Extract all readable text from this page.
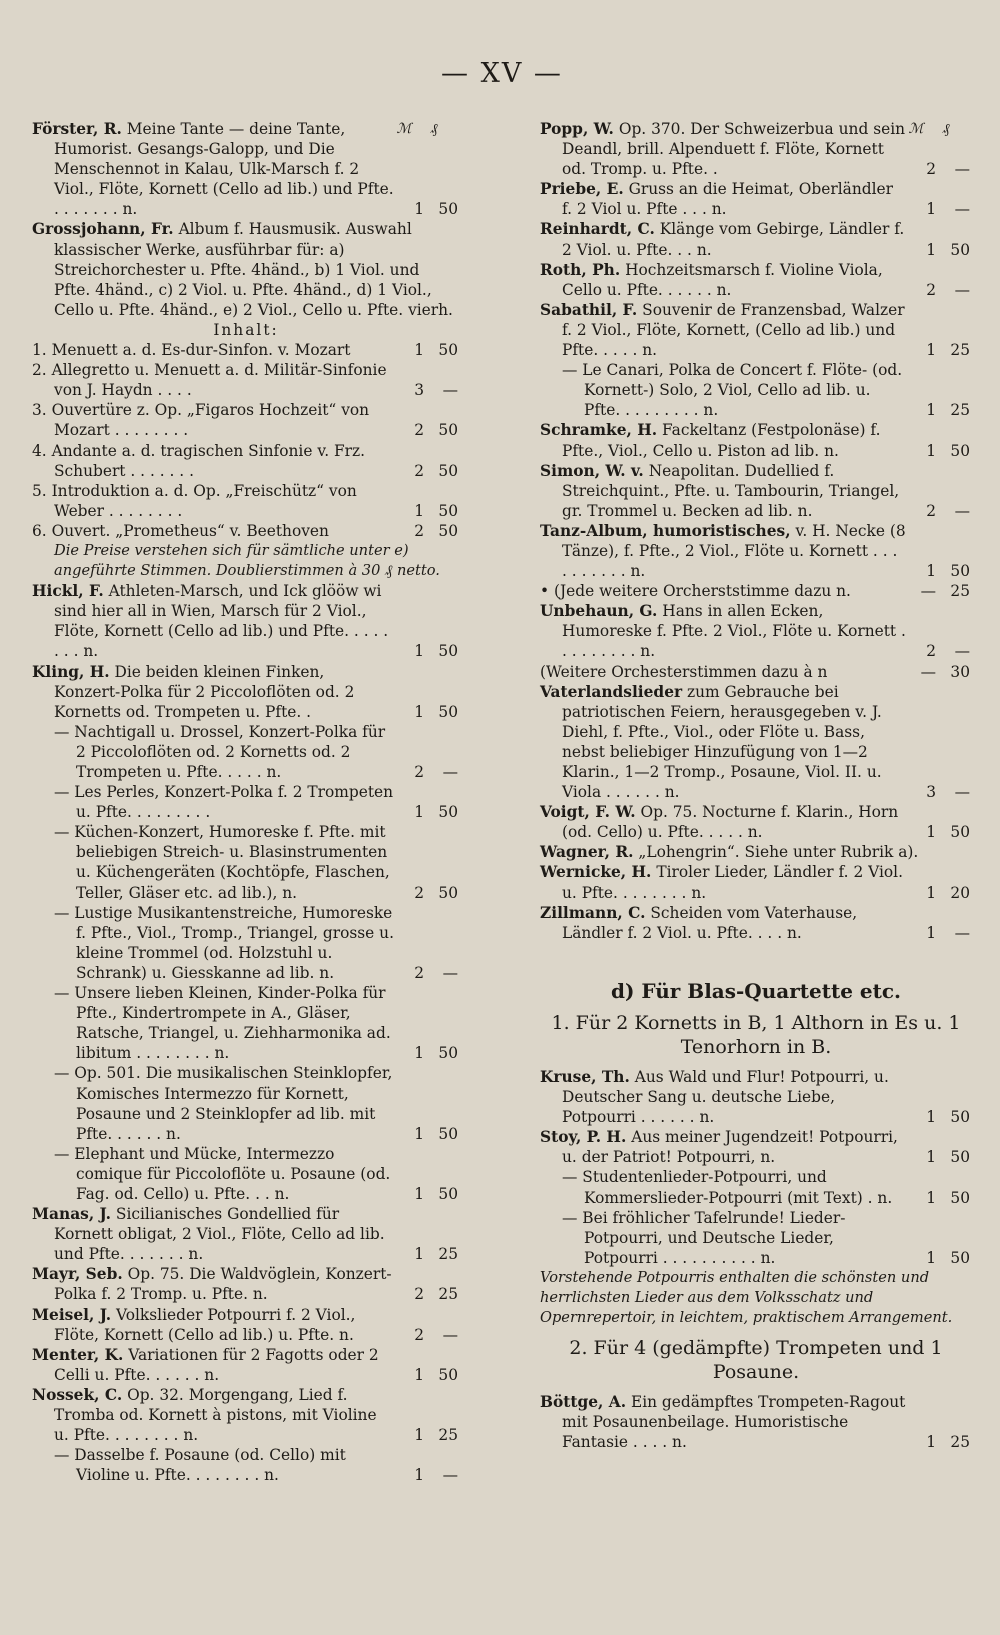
— XV —
Förster, R. Meine Tante — deine Tante, Humorist. Gesangs-Galopp, und Die Menschennot in Kalau, Ulk-Marsch f. 2 Viol., Flöte, Kornett (Cello ad lib.) und Pfte. . . . . . . . n.	1 50
ℳ	₰
Grossjohann, Fr. Album f. Hausmusik. Auswahl klassischer Werke, ausführbar für: a) Streichorchester u. Pfte. 4händ., b) 1 Viol. und Pfte. 4händ., c) 2 Viol. u. Pfte. 4händ., d) 1 Viol., Cello u. Pfte. 4händ., e) 2 Viol., Cello u. Pfte. vierh.
Inhalt:
1. Menuett a. d. Es-dur-Sinfon. v. Mozart	1 50
2. Allegretto u. Menuett a. d. Militär-Sinfonie von J. Haydn . . . .	3	—
3. Ouvertüre z. Op. „Figaros Hochzeit“ von Mozart . . . . . . . .	2 50
4. Andante a. d. tragischen Sinfonie v. Frz. Schubert . . . . . . .	2 50
5. Introduktion a. d. Op. „Freischütz“ von Weber . . . . . . . .	1 50
6. Ouvert. „Prometheus“ v. Beethoven	2 50
Die Preise verstehen sich für sämtliche unter e) angeführte Stimmen. Doublierstimmen à 30 ₰ netto.
Hickl, F. Athleten-Marsch, und Ick glööw wi sind hier all in Wien, Marsch für 2 Viol., Flöte, Kornett (Cello ad lib.) und Pfte. . . . . . . . n.	1 50
Kling, H. Die beiden kleinen Finken, Konzert-Polka für 2 Piccoloflöten od. 2 Kornetts od. Trompeten u. Pfte. .	1 50
— Nachtigall u. Drossel, Konzert-Polka für 2 Piccoloflöten od. 2 Kornetts od. 2 Trompeten u. Pfte. . . . . n.	2	—
— Les Perles, Konzert-Polka f. 2 Trompeten u. Pfte. . . . . . . . .	1 50
— Küchen-Konzert, Humoreske f. Pfte. mit beliebigen Streich- u. Blasinstrumenten u. Küchengeräten (Kochtöpfe, Flaschen, Teller, Gläser etc. ad lib.), n.	2 50
— Lustige Musikantenstreiche, Humoreske f. Pfte., Viol., Tromp., Triangel, grosse u. kleine Trommel (od. Holzstuhl u. Schrank) u. Giesskanne ad lib. n.	2	—
— Unsere lieben Kleinen, Kinder-Polka für Pfte., Kindertrompete in A., Gläser, Ratsche, Triangel, u. Ziehharmonika ad. libitum . . . . . . . . n.	1 50
— Op. 501. Die musikalischen Steinklopfer, Komisches Intermezzo für Kornett, Posaune und 2 Steinklopfer ad lib. mit Pfte. . . . . . n.	1 50
— Elephant und Mücke, Intermezzo comique für Piccoloflöte u. Posaune (od. Fag. od. Cello) u. Pfte. . . n.	1 50
Manas, J. Sicilianisches Gondellied für Kornett obligat, 2 Viol., Flöte, Cello ad lib. und Pfte. . . . . . . n.	1 25
Mayr, Seb. Op. 75. Die Waldvöglein, Konzert-Polka f. 2 Tromp. u. Pfte. n.	2 25
Meisel, J. Volkslieder Potpourri f. 2 Viol., Flöte, Kornett (Cello ad lib.) u. Pfte. n.	2	—
Menter, K. Variationen für 2 Fagotts oder 2 Celli u. Pfte. . . . . . n.	1 50
Nossek, C. Op. 32. Morgengang, Lied f. Tromba od. Kornett à pistons, mit Violine u. Pfte. . . . . . . . n.	1 25
— Dasselbe f. Posaune (od. Cello) mit Violine u. Pfte. . . . . . . . n.	1	—
Popp, W. Op. 370. Der Schweizerbua und sein Deandl, brill. Alpenduett f. Flöte, Kornett od. Tromp. u. Pfte. .	2	—
ℳ	₰
Priebe, E. Gruss an die Heimat, Oberländler f. 2 Viol u. Pfte . . . n.	1	—
Reinhardt, C. Klänge vom Gebirge, Ländler f. 2 Viol. u. Pfte. . . n.	1 50
Roth, Ph. Hochzeitsmarsch f. Violine Viola, Cello u. Pfte. . . . . . n.	2	—
Sabathil, F. Souvenir de Franzensbad, Walzer f. 2 Viol., Flöte, Kornett, (Cello ad lib.) und Pfte. . . . . n.	1 25
— Le Canari, Polka de Concert f. Flöte- (od. Kornett-) Solo, 2 Viol, Cello ad lib. u. Pfte. . . . . . . . . n.	1 25
Schramke, H. Fackeltanz (Festpolonäse) f. Pfte., Viol., Cello u. Piston ad lib. n.	1 50
Simon, W. v. Neapolitan. Dudellied f. Streichquint., Pfte. u. Tambourin, Triangel, gr. Trommel u. Becken ad lib. n.	2	—
Tanz-Album, humoristisches, v. H. Necke (8 Tänze), f. Pfte., 2 Viol., Flöte u. Kornett . . . . . . . . . . n.	1 50
• (Jede weitere Orcherststimme dazu n.	— 25
Unbehaun, G. Hans in allen Ecken, Humoreske f. Pfte. 2 Viol., Flöte u. Kornett . . . . . . . . . n.	2	—
(Weitere Orchesterstimmen dazu à n	— 30
Vaterlandslieder zum Gebrauche bei patriotischen Feiern, herausgegeben v. J. Diehl, f. Pfte., Viol., oder Flöte u. Bass, nebst beliebiger Hinzufügung von 1—2 Klarin., 1—2 Tromp., Posaune, Viol. II. u. Viola . . . . . . n.	3	—
Voigt, F. W. Op. 75. Nocturne f. Klarin., Horn (od. Cello) u. Pfte. . . . . n.	1 50
Wagner, R. „Lohengrin“. Siehe unter Rubrik a).
Wernicke, H. Tiroler Lieder, Ländler f. 2 Viol. u. Pfte. . . . . . . . n.	1 20
Zillmann, C. Scheiden vom Vaterhause, Ländler f. 2 Viol. u. Pfte. . . . n.	1	—
d) Für Blas-Quartette etc.
1. Für 2 Kornetts in B, 1 Althorn in Es u. 1 Tenorhorn in B.
Kruse, Th. Aus Wald und Flur! Potpourri, u. Deutscher Sang u. deutsche Liebe, Potpourri . . . . . . n.	1 50
Stoy, P. H. Aus meiner Jugendzeit! Potpourri, u. der Patriot! Potpourri, n.	1 50
— Studentenlieder-Potpourri, und Kommerslieder-Potpourri (mit Text) . n.	1 50
— Bei fröhlicher Tafelrunde! Lieder-Potpourri, und Deutsche Lieder, Potpourri . . . . . . . . . . n.	1 50
Vorstehende Potpourris enthalten die schönsten und herrlichsten Lieder aus dem Volksschatz und Opernrepertoir, in leichtem, praktischem Arrangement.
2. Für 4 (gedämpfte) Trompeten und 1 Posaune.
Böttge, A. Ein gedämpftes Trompeten-Ragout mit Posaunenbeilage. Humoristische Fantasie . . . . n.	1 25
